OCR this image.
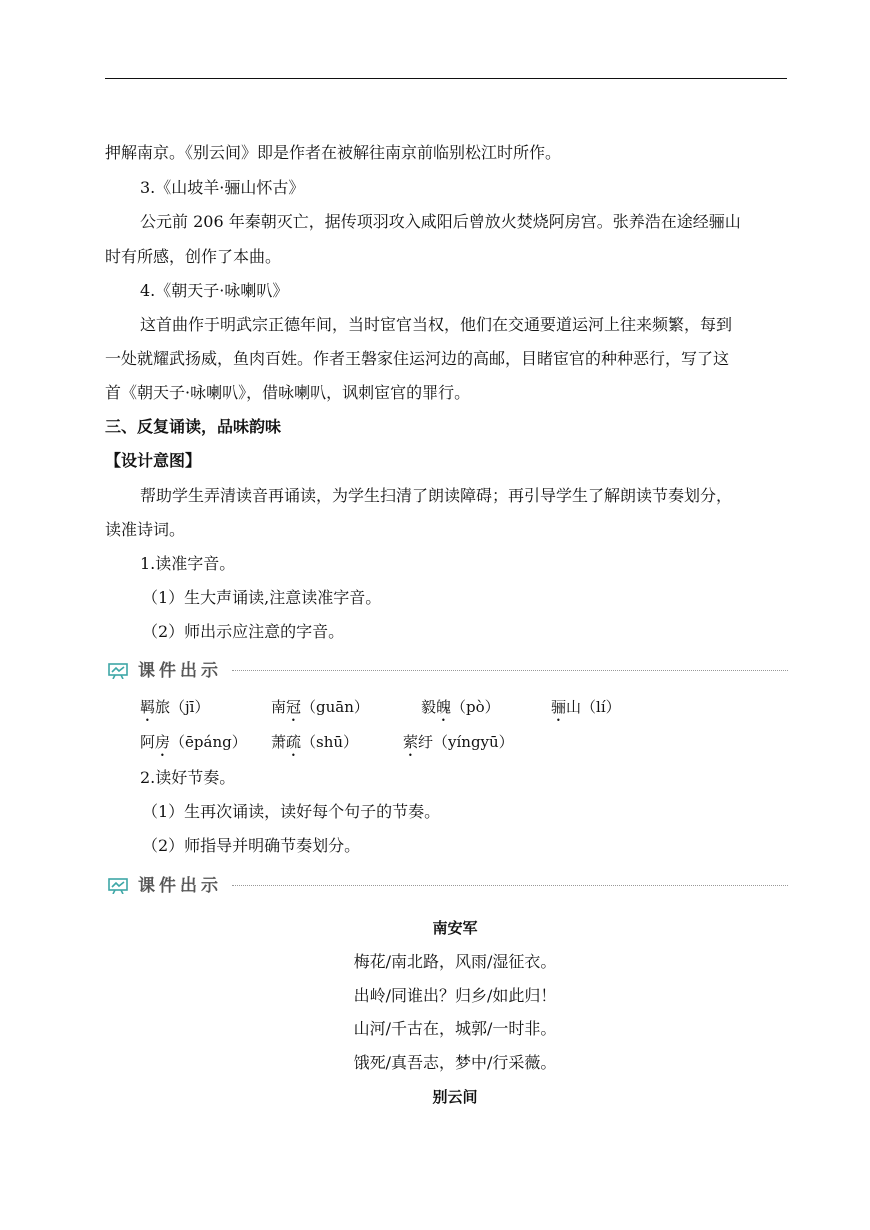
押解南京。《别云间》即是作者在被解往南京前临别松江时所作。
3.《山坡羊·骊山怀古》
公元前 206 年秦朝灭亡，据传项羽攻入咸阳后曾放火焚烧阿房宫。张养浩在途经骊山
时有所感，创作了本曲。
4.《朝天子·咏喇叭》
这首曲作于明武宗正德年间，当时宦官当权，他们在交通要道运河上往来频繁，每到
一处就耀武扬威，鱼肉百姓。作者王磐家住运河边的高邮，目睹宦官的种种恶行，写了这
首《朝天子·咏喇叭》，借咏喇叭，讽刺宦官的罪行。
三、反复诵读，品味韵味
【设计意图】
帮助学生弄清读音再诵读，为学生扫清了朗读障碍；再引导学生了解朗读节奏划分，
读准诗词。
1.读准字音。
（1）生大声诵读,注意读准字音。
（2）师出示应注意的字音。
课件出示
羁旅（jī）	南冠（guān）	毅魄（pò）	骊山（lí）
阿房（ēpáng） 萧疏（shū）	萦纡（yíngyū）
2.读好节奏。
（1）生再次诵读，读好每个句子的节奏。
（2）师指导并明确节奏划分。
课件出示
南安军
梅花/南北路，风雨/湿征衣。
出岭/同谁出？归乡/如此归！
山河/千古在，城郭/一时非。
饿死/真吾志，梦中/行采薇。
别云间
